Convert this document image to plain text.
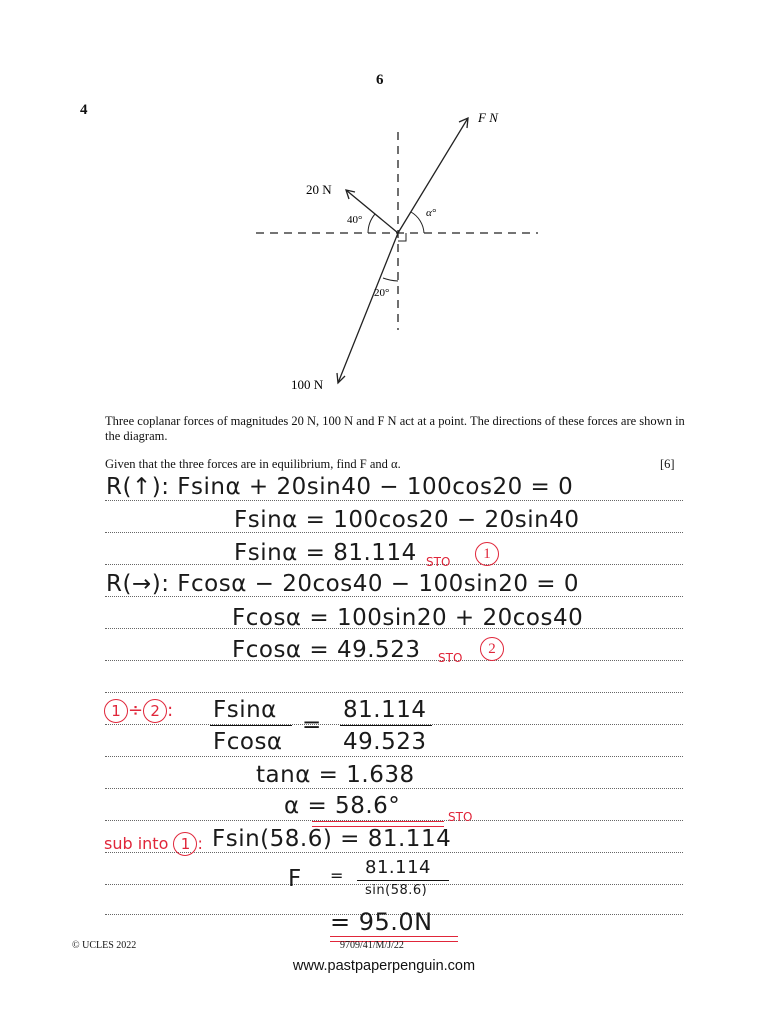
6
4	F N
20 N
100 N
40°
α°
20°
Three coplanar forces of magnitudes 20 N, 100 N and F N act at a point. The directions of these forces are shown in the diagram.
Given that the three forces are in equilibrium, find F and α.	[6]
R(↑): Fsinα + 20sin40 − 100cos20 = 0
Fsinα = 100cos20 − 20sin40
Fsinα = 81.114 STO	1
R(→): Fcosα − 20cos40 − 100sin20 = 0
Fcosα = 100sin20 + 20cos40
Fcosα = 49.523 STO
2
1 ÷ 2 : Fsinα
Fcosα
=
81.114
49.523
tanα = 1.638
α = 58.6°	STO
sub into 1 : Fsin(58.6) = 81.114
F = 81.114
sin(58.6)
= 95.0N
© UCLES 2022	9709/41/M/J/22
www.pastpaperpenguin.com
